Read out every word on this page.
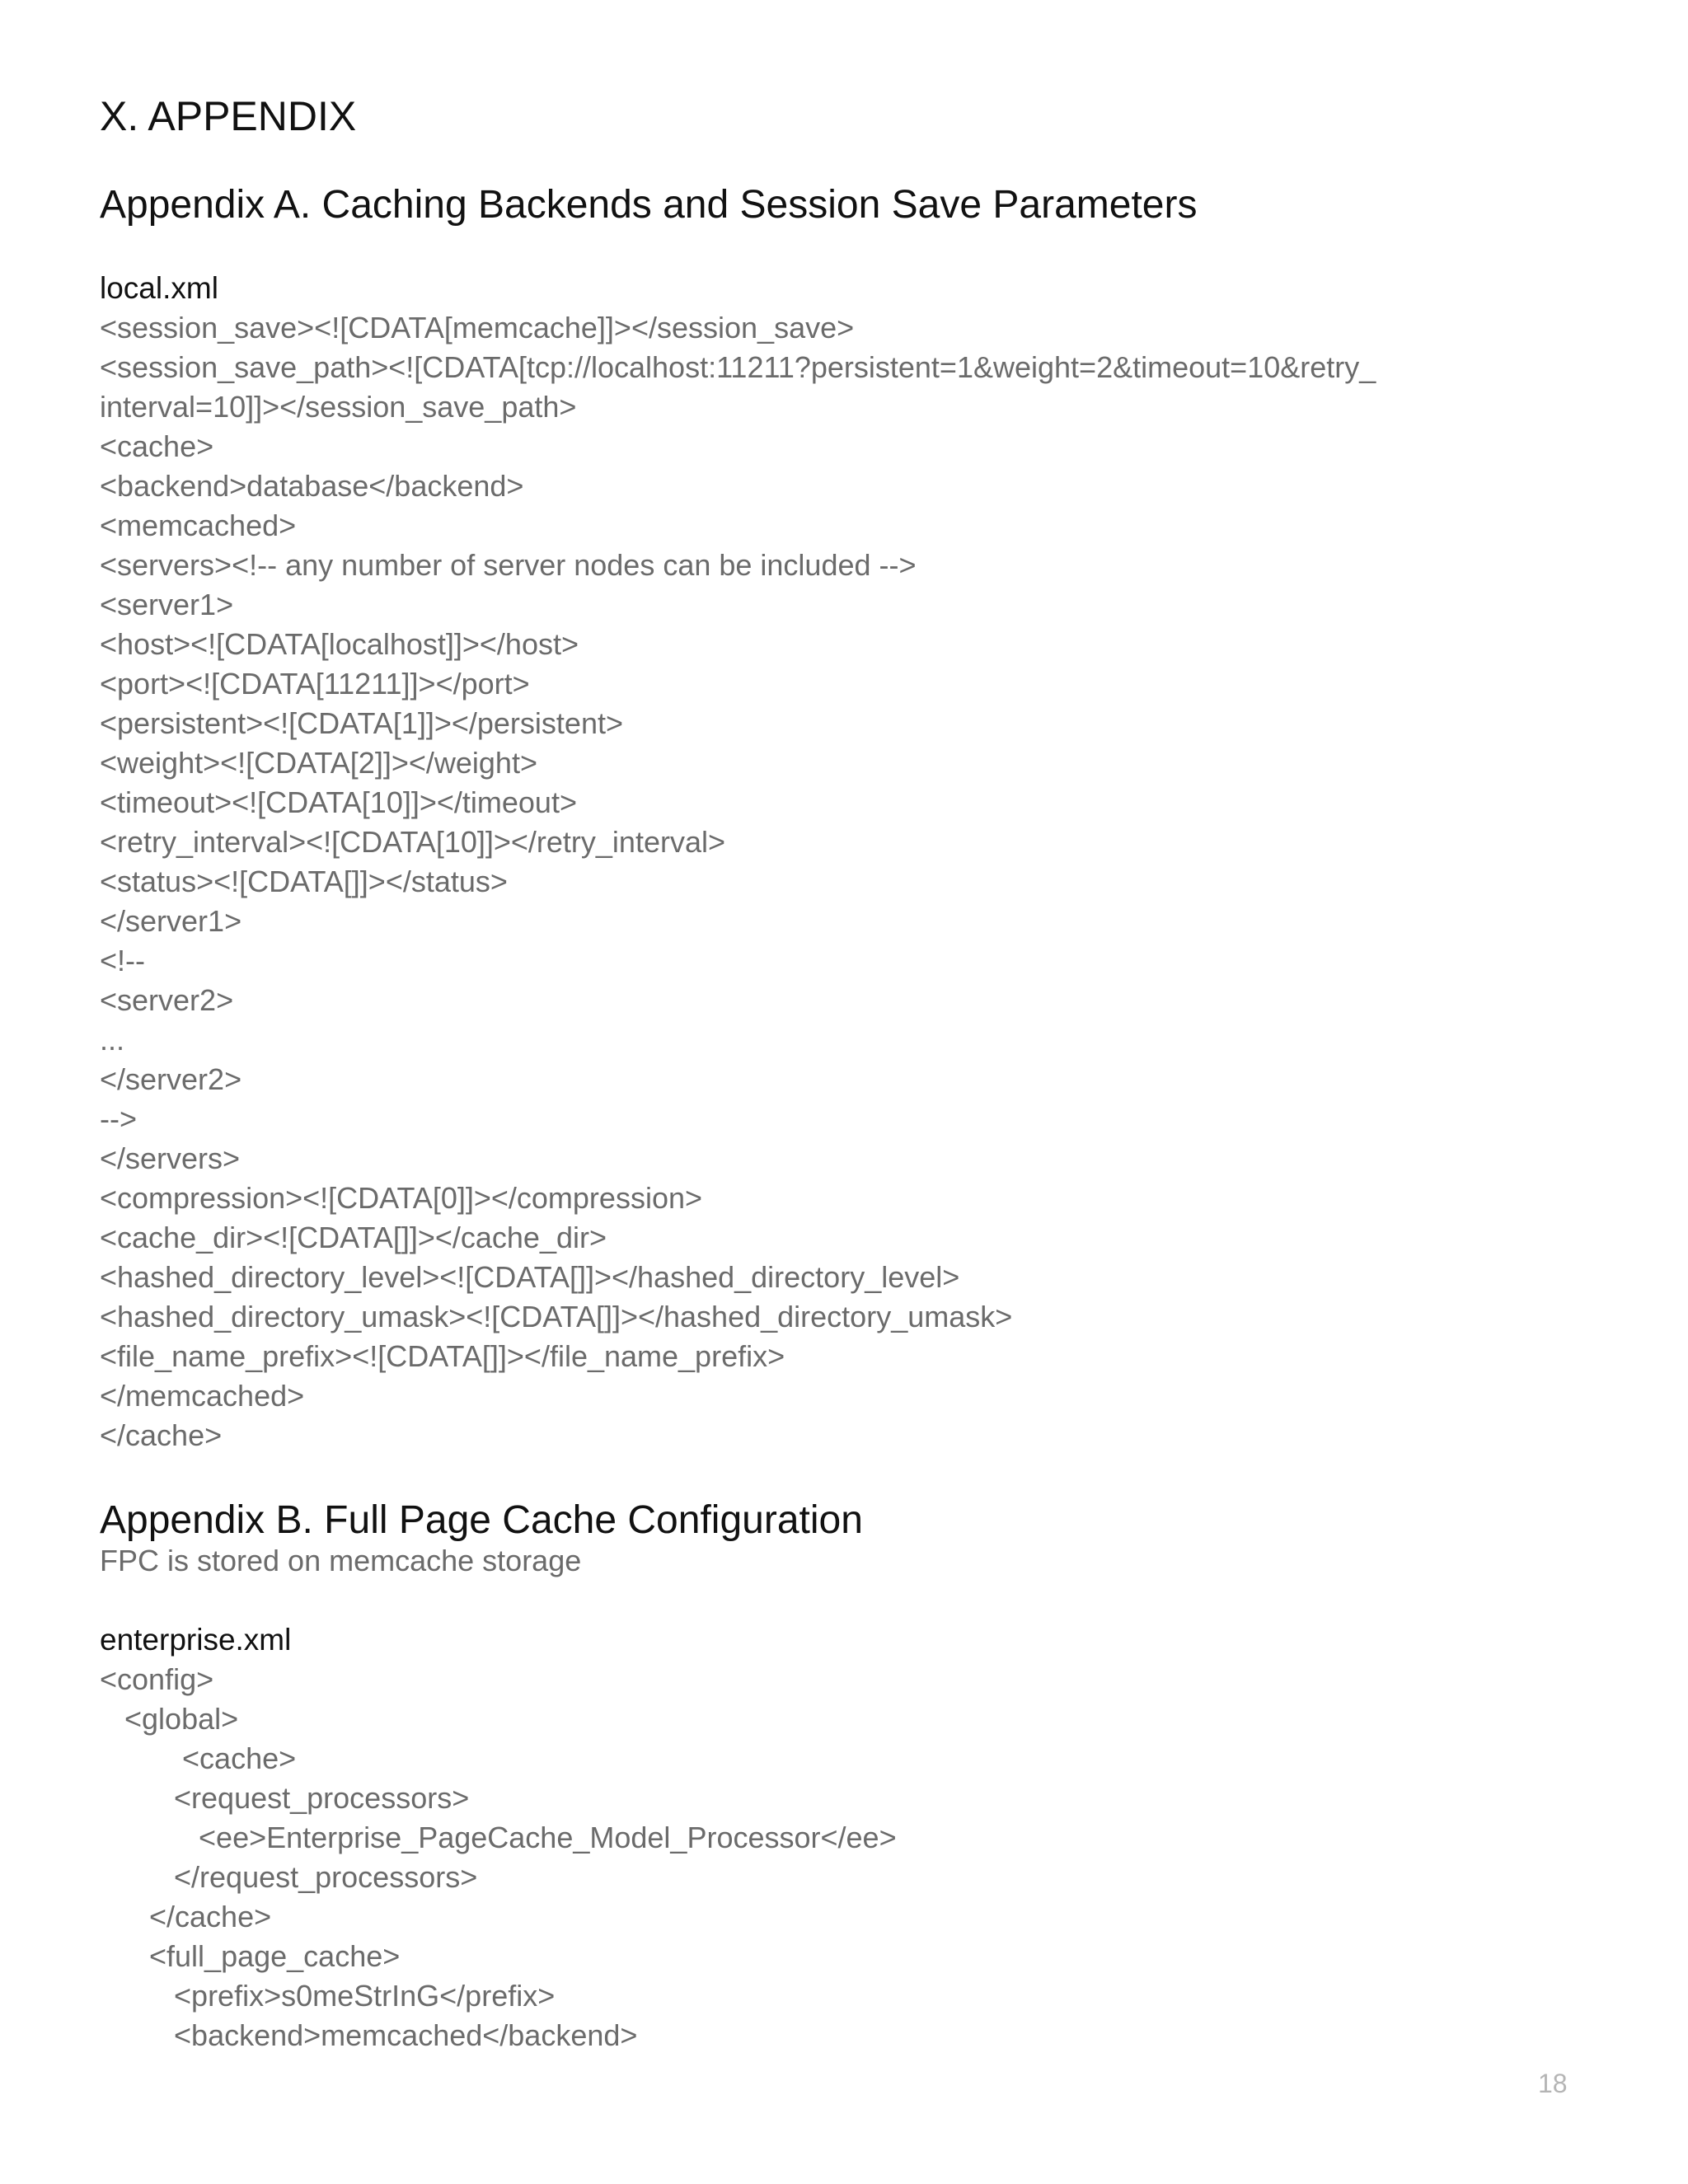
X. APPENDIX
Appendix A. Caching Backends and Session Save Parameters
local.xml
<session_save><![CDATA[memcache]]></session_save>
<session_save_path><![CDATA[tcp://localhost:11211?persistent=1&weight=2&timeout=10&retry_
interval=10]]></session_save_path>
<cache>
<backend>database</backend>
<memcached>
<servers><!-- any number of server nodes can be included -->
<server1>
<host><![CDATA[localhost]]></host>
<port><![CDATA[11211]]></port>
<persistent><![CDATA[1]]></persistent>
<weight><![CDATA[2]]></weight>
<timeout><![CDATA[10]]></timeout>
<retry_interval><![CDATA[10]]></retry_interval>
<status><![CDATA[]]></status>
</server1>
<!--
<server2>
...
</server2>
-->
</servers>
<compression><![CDATA[0]]></compression>
<cache_dir><![CDATA[]]></cache_dir>
<hashed_directory_level><![CDATA[]]></hashed_directory_level>
<hashed_directory_umask><![CDATA[]]></hashed_directory_umask>
<file_name_prefix><![CDATA[]]></file_name_prefix>
</memcached>
</cache>
Appendix B. Full Page Cache Configuration
FPC is stored on memcache storage
enterprise.xml
<config>
<global>
<cache>
<request_processors>
<ee>Enterprise_PageCache_Model_Processor</ee>
</request_processors>
</cache>
<full_page_cache>
<prefix>s0meStrInG</prefix>
<backend>memcached</backend>
18
